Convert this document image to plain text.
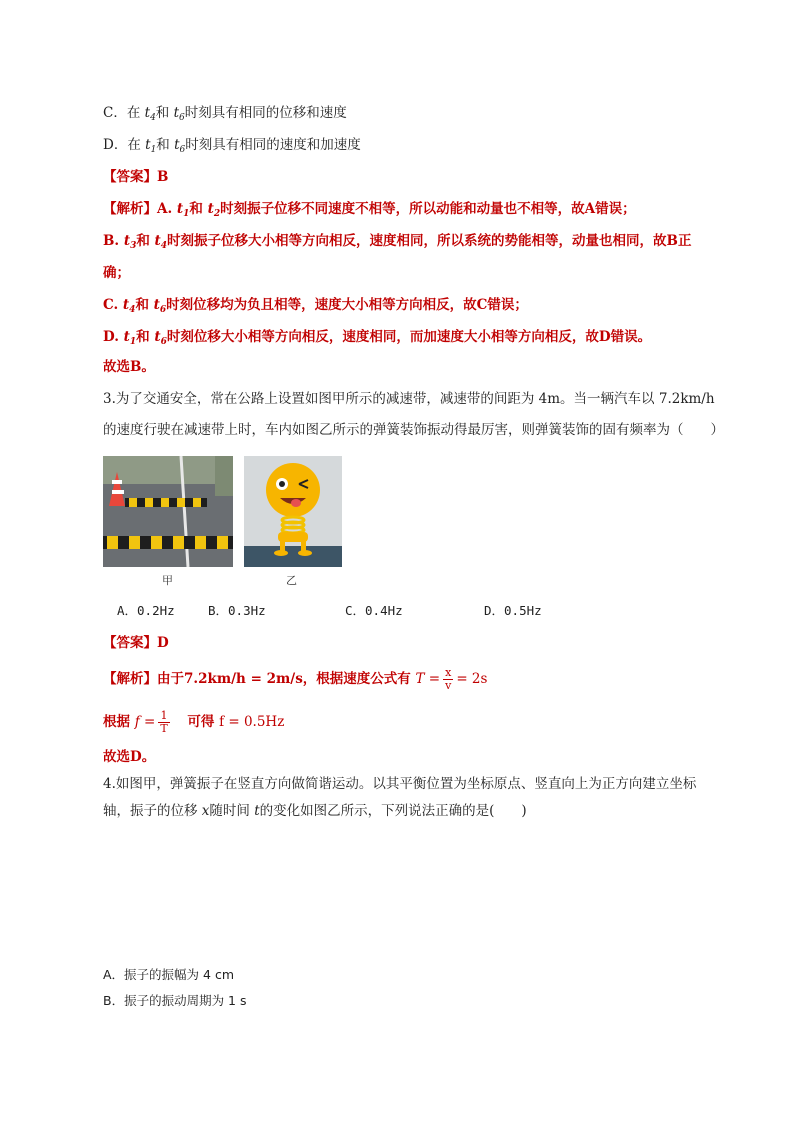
C．在 $t_4$和 $t_6$时刻具有相同的位移和速度
D．在 $t_1$和 $t_6$时刻具有相同的速度和加速度
【答案】B
【解析】A. $t_1$和 $t_2$时刻振子位移不同速度不相等，所以动能和动量也不相等，故A错误；
B. $t_3$和 $t_4$时刻振子位移大小相等方向相反，速度相同，所以系统的势能相等，动量也相同，故B正
确；
C. $t_4$和 $t_6$时刻位移均为负且相等，速度大小相等方向相反，故C错误；
D. $t_1$和 $t_6$时刻位移大小相等方向相反，速度相同，而加速度大小相等方向相反，故D错误。
故选B。
3.为了交通安全，常在公路上设置如图甲所示的减速带，减速带的间距为 4m。当一辆汽车以 7.2km/h
的速度行驶在减速带上时，车内如图乙所示的弹簧装饰振动得最厉害，则弹簧装饰的固有频率为（　　）
甲	乙
A．0.2Hz	B．0.3Hz	C．0.4Hz	D．0.5Hz
【答案】D
【解析】由于7.2km/h = 2m/s，根据速度公式有 $T = \frac{x}{v} = 2s$
根据 $f = \frac{1}{T}$ 可得 f = 0.5Hz
故选D。
4.如图甲，弹簧振子在竖直方向做简谐运动。以其平衡位置为坐标原点、竖直向上为正方向建立坐标
轴，振子的位移 x随时间 t的变化如图乙所示，下列说法正确的是(　　)
A．振子的振幅为 4 cm
B．振子的振动周期为 1 s
